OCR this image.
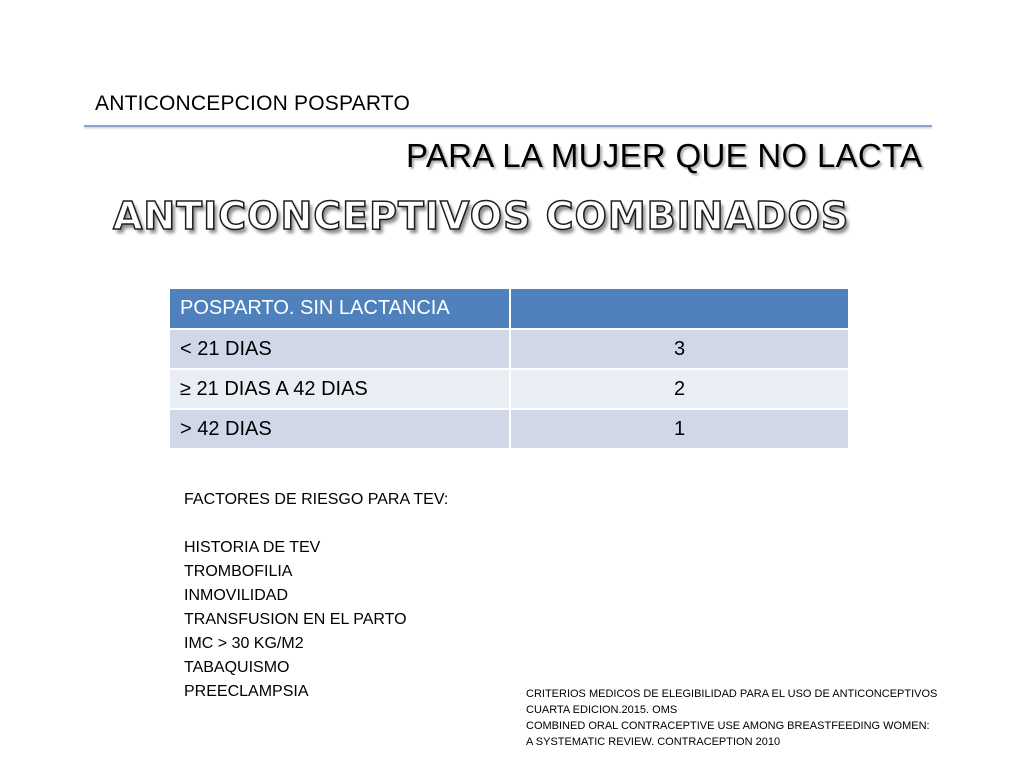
ANTICONCEPCION POSPARTO
PARA LA MUJER QUE NO LACTA
ANTICONCEPTIVOS COMBINADOS
POSPARTO. SIN LACTANCIA	
< 21 DIAS	3
≥ 21 DIAS A 42 DIAS	2
> 42 DIAS	1
FACTORES DE RIESGO PARA TEV:
HISTORIA DE TEV
TROMBOFILIA
INMOVILIDAD
TRANSFUSION EN EL PARTO
IMC > 30 KG/M2
TABAQUISMO
PREECLAMPSIA	CRITERIOS MEDICOS DE ELEGIBILIDAD PARA EL USO DE ANTICONCEPTIVOS
CUARTA EDICION.2015. OMS
COMBINED ORAL CONTRACEPTIVE USE AMONG BREASTFEEDING WOMEN:
A SYSTEMATIC REVIEW. CONTRACEPTION 2010
